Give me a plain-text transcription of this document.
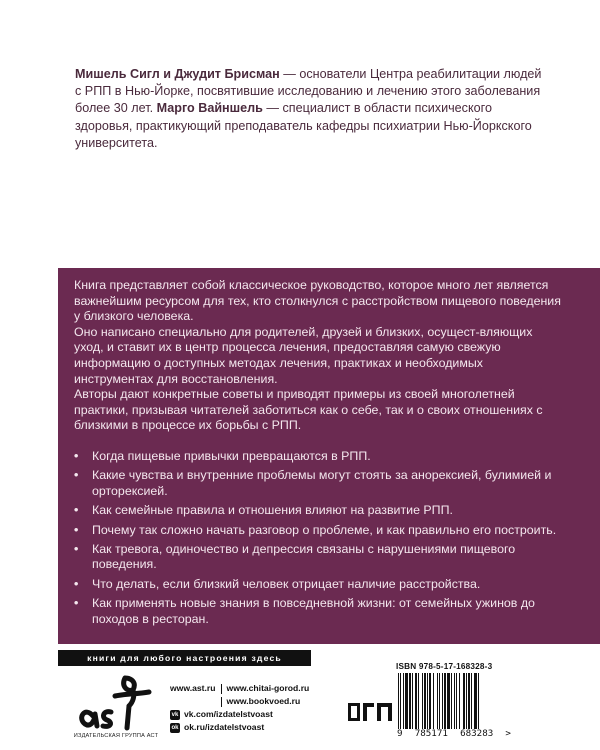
Мишель Сигл и Джудит Брисман — основатели Центра реабилитации людей с РПП в Нью-Йорке, посвятившие исследованию и лечению этого заболевания более 30 лет. Марго Вайншель — специалист в области психического здоровья, практикующий преподаватель кафедры психиатрии Нью-Йоркского университета.

Книга представляет собой классическое руководство, которое много лет является важнейшим ресурсом для тех, кто столкнулся с расстройством пищевого поведения у близкого человека.

Оно написано специально для родителей, друзей и близких, осущест-вляющих уход, и ставит их в центр процесса лечения, предоставляя самую свежую информацию о доступных методах лечения, практиках и необходимых инструментах для восстановления.

Авторы дают конкретные советы и приводят примеры из своей многолетней практики, призывая читателей заботиться как о себе, так и о своих отношениях с близкими в процессе их борьбы с РПП.

• Когда пищевые привычки превращаются в РПП.
• Какие чувства и внутренние проблемы могут стоять за анорексией, булимией и орторексией.
• Как семейные правила и отношения влияют на развитие РПП.
• Почему так сложно начать разговор о проблеме, и как правильно его построить.
• Как тревога, одиночество и депрессия связаны с нарушениями пищевого поведения.
• Что делать, если близкий человек отрицает наличие расстройства.
• Как применять новые знания в повседневной жизни: от семейных ужинов до походов в ресторан.
книги для любого настроения здесь
ИЗДАТЕЛЬСКАЯ ГРУППА АСТ
www.ast.ru www.chitai-gorod.ru
www.bookvoed.ru
vk vk.com/izdatelstvoast
ok ok.ru/izdatelstvoast
ISBN 978-5-17-168328-3
9 785171 683283 >
